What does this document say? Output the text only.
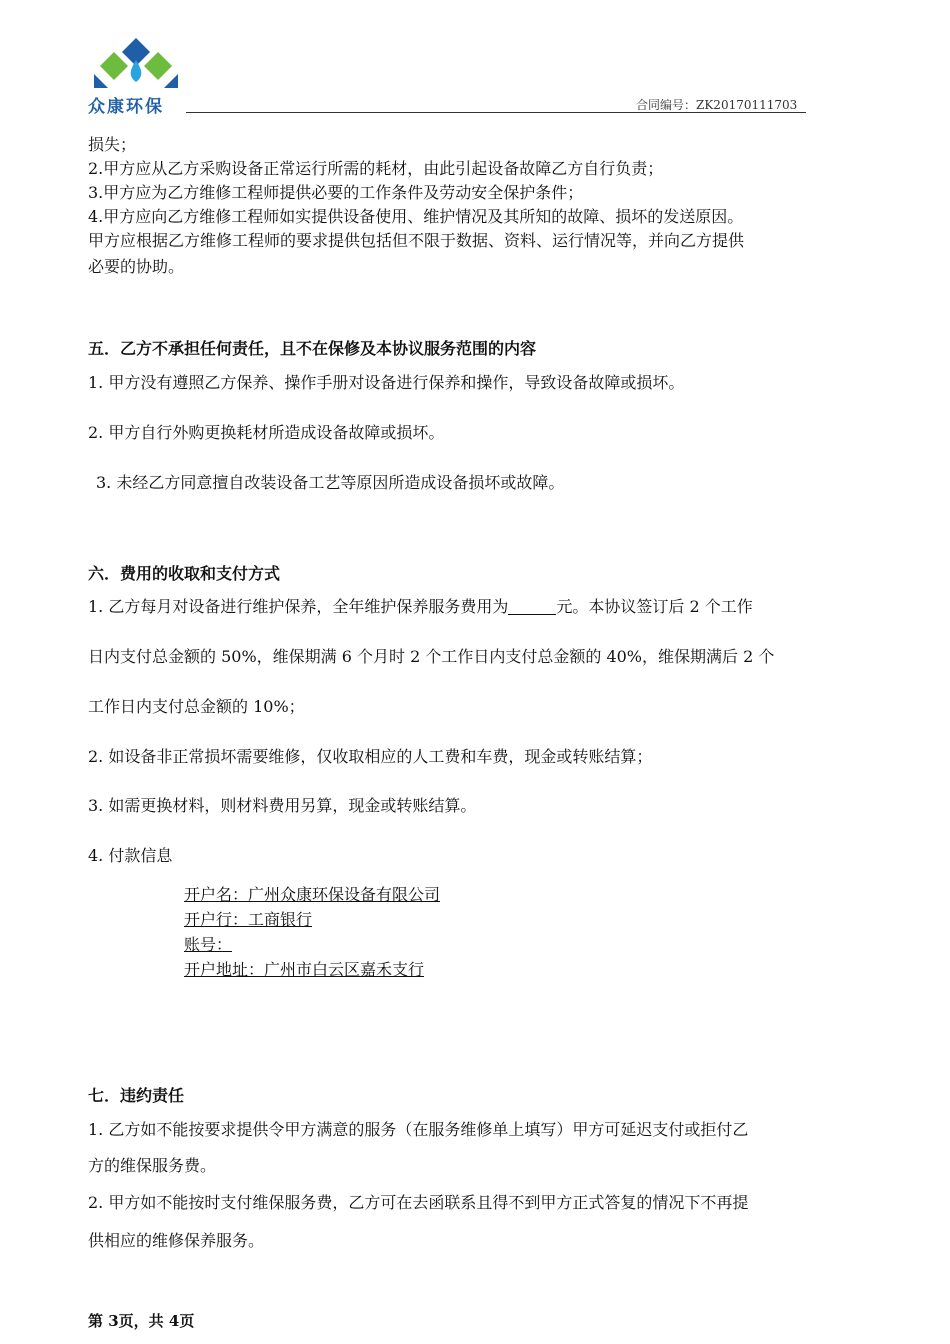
众康环保	合同编号：ZK20170111703
损失；
2.甲方应从乙方采购设备正常运行所需的耗材，由此引起设备故障乙方自行负责；
3.甲方应为乙方维修工程师提供必要的工作条件及劳动安全保护条件；
4.甲方应向乙方维修工程师如实提供设备使用、维护情况及其所知的故障、损坏的发送原因。
甲方应根据乙方维修工程师的要求提供包括但不限于数据、资料、运行情况等，并向乙方提供
必要的协助。
五．乙方不承担任何责任，且不在保修及本协议服务范围的内容
1. 甲方没有遵照乙方保养、操作手册对设备进行保养和操作，导致设备故障或损坏。
2. 甲方自行外购更换耗材所造成设备故障或损坏。
3. 未经乙方同意擅自改装设备工艺等原因所造成设备损坏或故障。
六．费用的收取和支付方式
1. 乙方每月对设备进行维护保养，全年维护保养服务费用为	元。本协议签订后 2 个工作
日内支付总金额的 50%，维保期满 6 个月时 2 个工作日内支付总金额的 40%，维保期满后 2 个
工作日内支付总金额的 10%；
2. 如设备非正常损坏需要维修，仅收取相应的人工费和车费，现金或转账结算；
3. 如需更换材料，则材料费用另算，现金或转账结算。
4. 付款信息
开户名：广州众康环保设备有限公司
开户行：工商银行
账号：
开户地址：广州市白云区嘉禾支行
七．违约责任
1. 乙方如不能按要求提供令甲方满意的服务（在服务维修单上填写）甲方可延迟支付或拒付乙
方的维保服务费。
2. 甲方如不能按时支付维保服务费，乙方可在去函联系且得不到甲方正式答复的情况下不再提
供相应的维修保养服务。
第 3页，共 4页
